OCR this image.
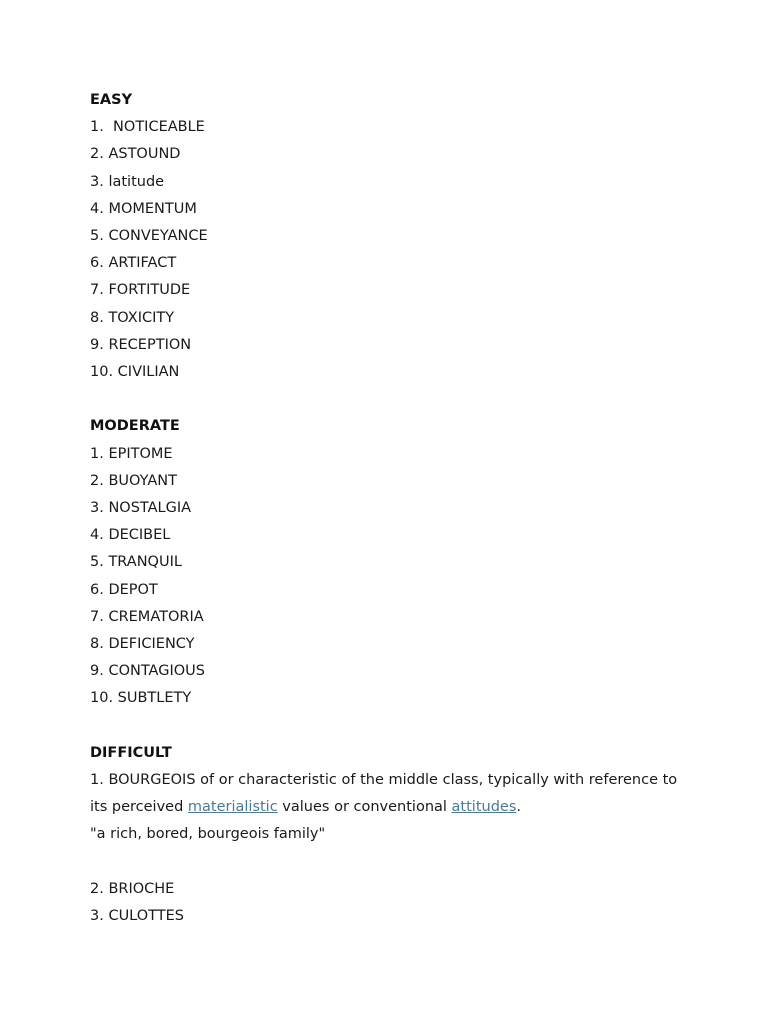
EASY
1.  NOTICEABLE
2. ASTOUND
3. latitude
4. MOMENTUM
5. CONVEYANCE
6. ARTIFACT
7. FORTITUDE
8. TOXICITY
9. RECEPTION
10. CIVILIAN
MODERATE
1. EPITOME
2. BUOYANT
3. NOSTALGIA
4. DECIBEL
5. TRANQUIL
6. DEPOT
7. CREMATORIA
8. DEFICIENCY
9. CONTAGIOUS
10. SUBTLETY
DIFFICULT
1. BOURGEOIS of or characteristic of the middle class, typically with reference to its perceived materialistic values or conventional attitudes.
"a rich, bored, bourgeois family"
2. BRIOCHE
3. CULOTTES
